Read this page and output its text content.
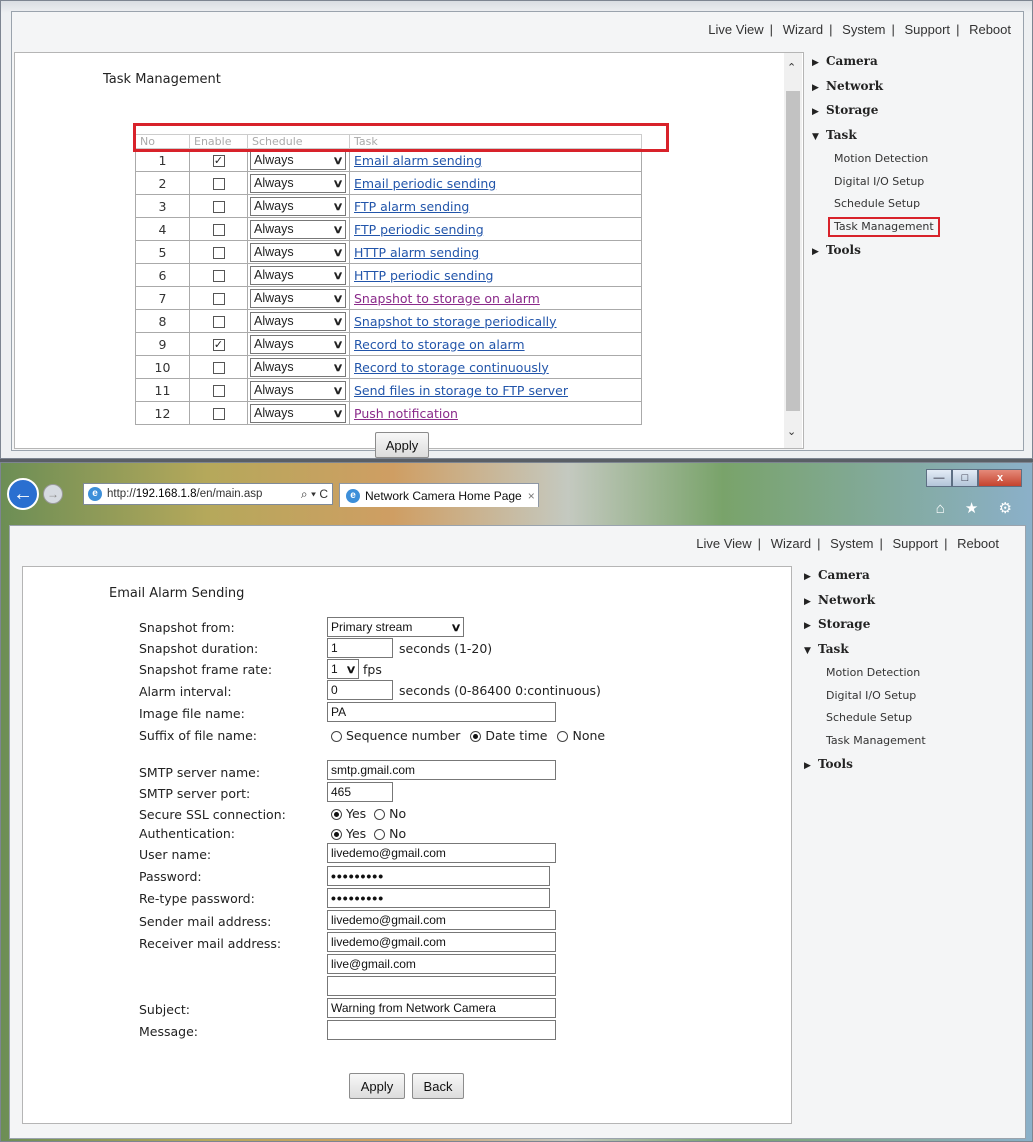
Live View | Wizard | System | Support | Reboot
Task Management
No	Enable	Schedule	Task
1	✓	Always ∨	Email alarm sending
2		Always ∨	Email periodic sending
3		Always ∨	FTP alarm sending
4		Always ∨	FTP periodic sending
5		Always ∨	HTTP alarm sending
6		Always ∨	HTTP periodic sending
7		Always ∨	Snapshot to storage on alarm
8		Always ∨	Snapshot to storage periodically
9	✓	Always ∨	Record to storage on alarm
10		Always ∨	Record to storage continuously
11		Always ∨	Send files in storage to FTP server
12		Always ∨	Push notification
Apply
⌃
⌄
▶ Camera
▶ Network
▶ Storage
▼ Task
Motion Detection
Digital I/O Setup
Schedule Setup
Task Management
▶ Tools
—	□	x
←	→	e http:// 192.168.1.8 /en/main.asp	⌕ ▾ C	e Network Camera Home Page ×
⌂ ★ ⚙
Live View | Wizard | System | Support | Reboot
Email Alarm Sending
▶ Camera
▶ Network
▶ Storage
▼ Task
Motion Detection
Digital I/O Setup
Schedule Setup
Task Management
▶ Tools
Snapshot from:	Primary stream	∨
Snapshot duration:	1	seconds (1-20)
Snapshot frame rate:	1 ∨ fps
Alarm interval:	0	seconds (0-86400 0:continuous)
Image file name:	PA
Suffix of file name:	Sequence number Date time None
SMTP server name:	smtp.gmail.com
SMTP server port:	465
Secure SSL connection:	Yes No
Authentication:	Yes No
User name:	livedemo@gmail.com
Password:	•••••••••
Re-type password:	•••••••••
Sender mail address:	livedemo@gmail.com
Receiver mail address:	livedemo@gmail.com
live@gmail.com
Subject:	Warning from Network Camera
Message:
Apply	Back
